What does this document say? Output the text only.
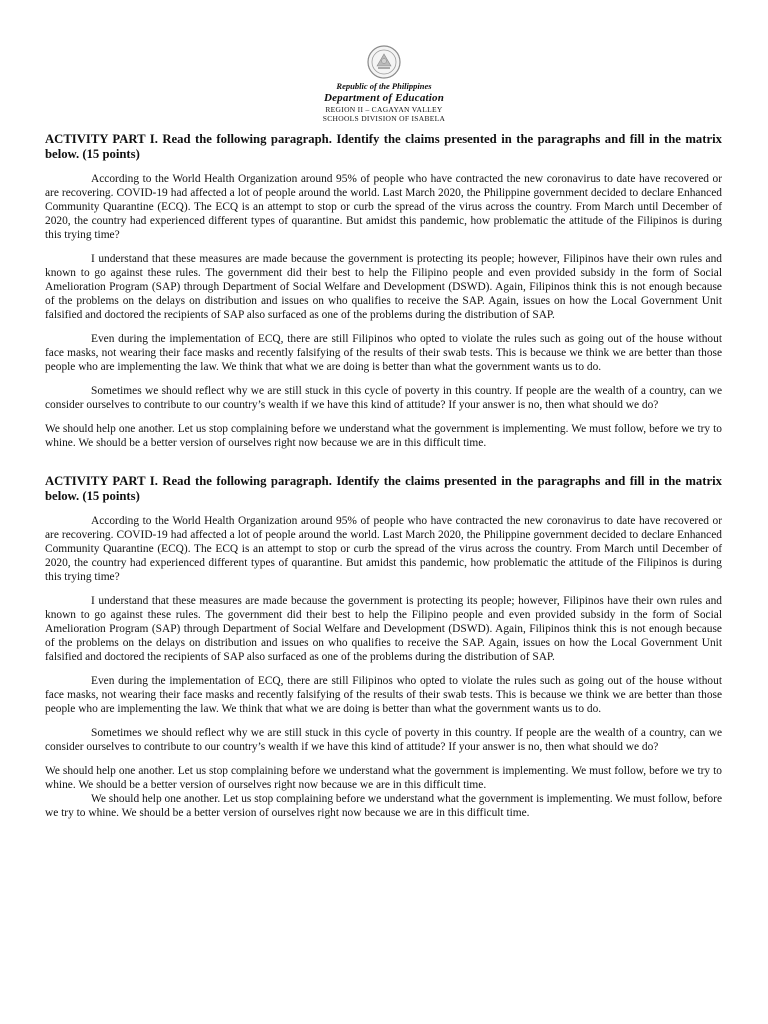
Republic of the Philippines
Department of Education
REGION II – CAGAYAN VALLEY
SCHOOLS DIVISION OF ISABELA
ACTIVITY PART I. Read the following paragraph. Identify the claims presented in the paragraphs and fill in the matrix below. (15 points)

According to the World Health Organization around 95% of people who have contracted the new coronavirus to date have recovered or are recovering. COVID-19 had affected a lot of people around the world. Last March 2020, the Philippine government decided to declare Enhanced Community Quarantine (ECQ). The ECQ is an attempt to stop or curb the spread of the virus across the country. From March until December of 2020, the country had experienced different types of quarantine. But amidst this pandemic, how problematic the attitude of the Filipinos is during this trying time?

I understand that these measures are made because the government is protecting its people; however, Filipinos have their own rules and known to go against these rules. The government did their best to help the Filipino people and even provided subsidy in the form of Social Amelioration Program (SAP) through Department of Social Welfare and Development (DSWD). Again, Filipinos think this is not enough because of the problems on the delays on distribution and issues on who qualifies to receive the SAP. Again, issues on how the Local Government Unit falsified and doctored the recipients of SAP also surfaced as one of the problems during the distribution of SAP.

Even during the implementation of ECQ, there are still Filipinos who opted to violate the rules such as going out of the house without face masks, not wearing their face masks and recently falsifying of the results of their swab tests. This is because we think we are better than those people who are implementing the law. We think that what we are doing is better than what the government wants us to do.

Sometimes we should reflect why we are still stuck in this cycle of poverty in this country. If people are the wealth of a country, can we consider ourselves to contribute to our country’s wealth if we have this kind of attitude? If your answer is no, then what should we do?

We should help one another. Let us stop complaining before we understand what the government is implementing. We must follow, before we try to whine. We should be a better version of ourselves right now because we are in this difficult time.

ACTIVITY PART I. Read the following paragraph. Identify the claims presented in the paragraphs and fill in the matrix below. (15 points)

According to the World Health Organization around 95% of people who have contracted the new coronavirus to date have recovered or are recovering. COVID-19 had affected a lot of people around the world. Last March 2020, the Philippine government decided to declare Enhanced Community Quarantine (ECQ). The ECQ is an attempt to stop or curb the spread of the virus across the country. From March until December of 2020, the country had experienced different types of quarantine. But amidst this pandemic, how problematic the attitude of the Filipinos is during this trying time?

I understand that these measures are made because the government is protecting its people; however, Filipinos have their own rules and known to go against these rules. The government did their best to help the Filipino people and even provided subsidy in the form of Social Amelioration Program (SAP) through Department of Social Welfare and Development (DSWD). Again, Filipinos think this is not enough because of the problems on the delays on distribution and issues on who qualifies to receive the SAP. Again, issues on how the Local Government Unit falsified and doctored the recipients of SAP also surfaced as one of the problems during the distribution of SAP.

Even during the implementation of ECQ, there are still Filipinos who opted to violate the rules such as going out of the house without face masks, not wearing their face masks and recently falsifying of the results of their swab tests. This is because we think we are better than those people who are implementing the law. We think that what we are doing is better than what the government wants us to do.

Sometimes we should reflect why we are still stuck in this cycle of poverty in this country. If people are the wealth of a country, can we consider ourselves to contribute to our country’s wealth if we have this kind of attitude? If your answer is no, then what should we do?

We should help one another. Let us stop complaining before we understand what the government is implementing. We must follow, before we try to whine. We should be a better version of ourselves right now because we are in this difficult time.

We should help one another. Let us stop complaining before we understand what the government is implementing. We must follow, before we try to whine. We should be a better version of ourselves right now because we are in this difficult time.
